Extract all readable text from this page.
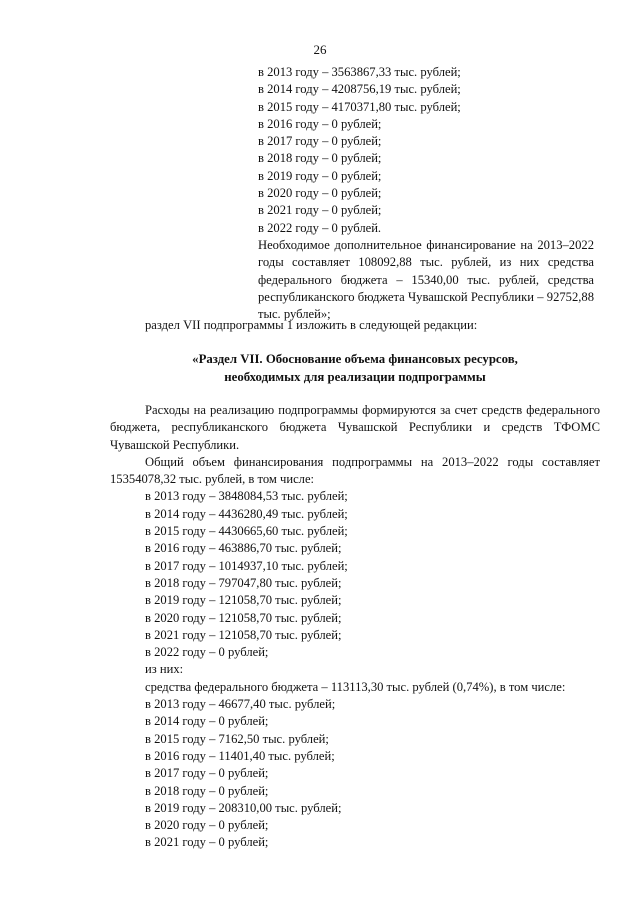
26
в 2013 году – 3563867,33 тыс. рублей;
в 2014 году – 4208756,19 тыс. рублей;
в 2015 году – 4170371,80 тыс. рублей;
в 2016 году – 0 рублей;
в 2017 году – 0 рублей;
в 2018 году – 0 рублей;
в 2019 году – 0 рублей;
в 2020 году – 0 рублей;
в 2021 году – 0 рублей;
в 2022 году – 0 рублей.
Необходимое дополнительное финансирование на 2013–2022 годы составляет 108092,88 тыс. рублей, из них средства федерального бюджета – 15340,00 тыс. рублей, средства республиканского бюджета Чувашской Республики – 92752,88 тыс. рублей»;
раздел VII подпрограммы 1 изложить в следующей редакции:
«Раздел VII. Обоснование объема финансовых ресурсов,
необходимых для реализации подпрограммы

Расходы на реализацию подпрограммы формируются за счет средств федерального бюджета, республиканского бюджета Чувашской Республики и средств ТФОМС Чувашской Республики.

Общий объем финансирования подпрограммы на 2013–2022 годы составляет 15354078,32 тыс. рублей, в том числе:

в 2013 году – 3848084,53 тыс. рублей;
в 2014 году – 4436280,49 тыс. рублей;
в 2015 году – 4430665,60 тыс. рублей;
в 2016 году – 463886,70 тыс. рублей;
в 2017 году – 1014937,10 тыс. рублей;
в 2018 году – 797047,80 тыс. рублей;
в 2019 году – 121058,70 тыс. рублей;
в 2020 году – 121058,70 тыс. рублей;
в 2021 году – 121058,70 тыс. рублей;
в 2022 году – 0 рублей;
из них:

средства федерального бюджета – 113113,30 тыс. рублей (0,74%), в том числе:

в 2013 году – 46677,40 тыс. рублей;
в 2014 году – 0 рублей;
в 2015 году – 7162,50 тыс. рублей;
в 2016 году – 11401,40 тыс. рублей;
в 2017 году – 0 рублей;
в 2018 году – 0 рублей;
в 2019 году – 208310,00 тыс. рублей;
в 2020 году – 0 рублей;
в 2021 году – 0 рублей;
